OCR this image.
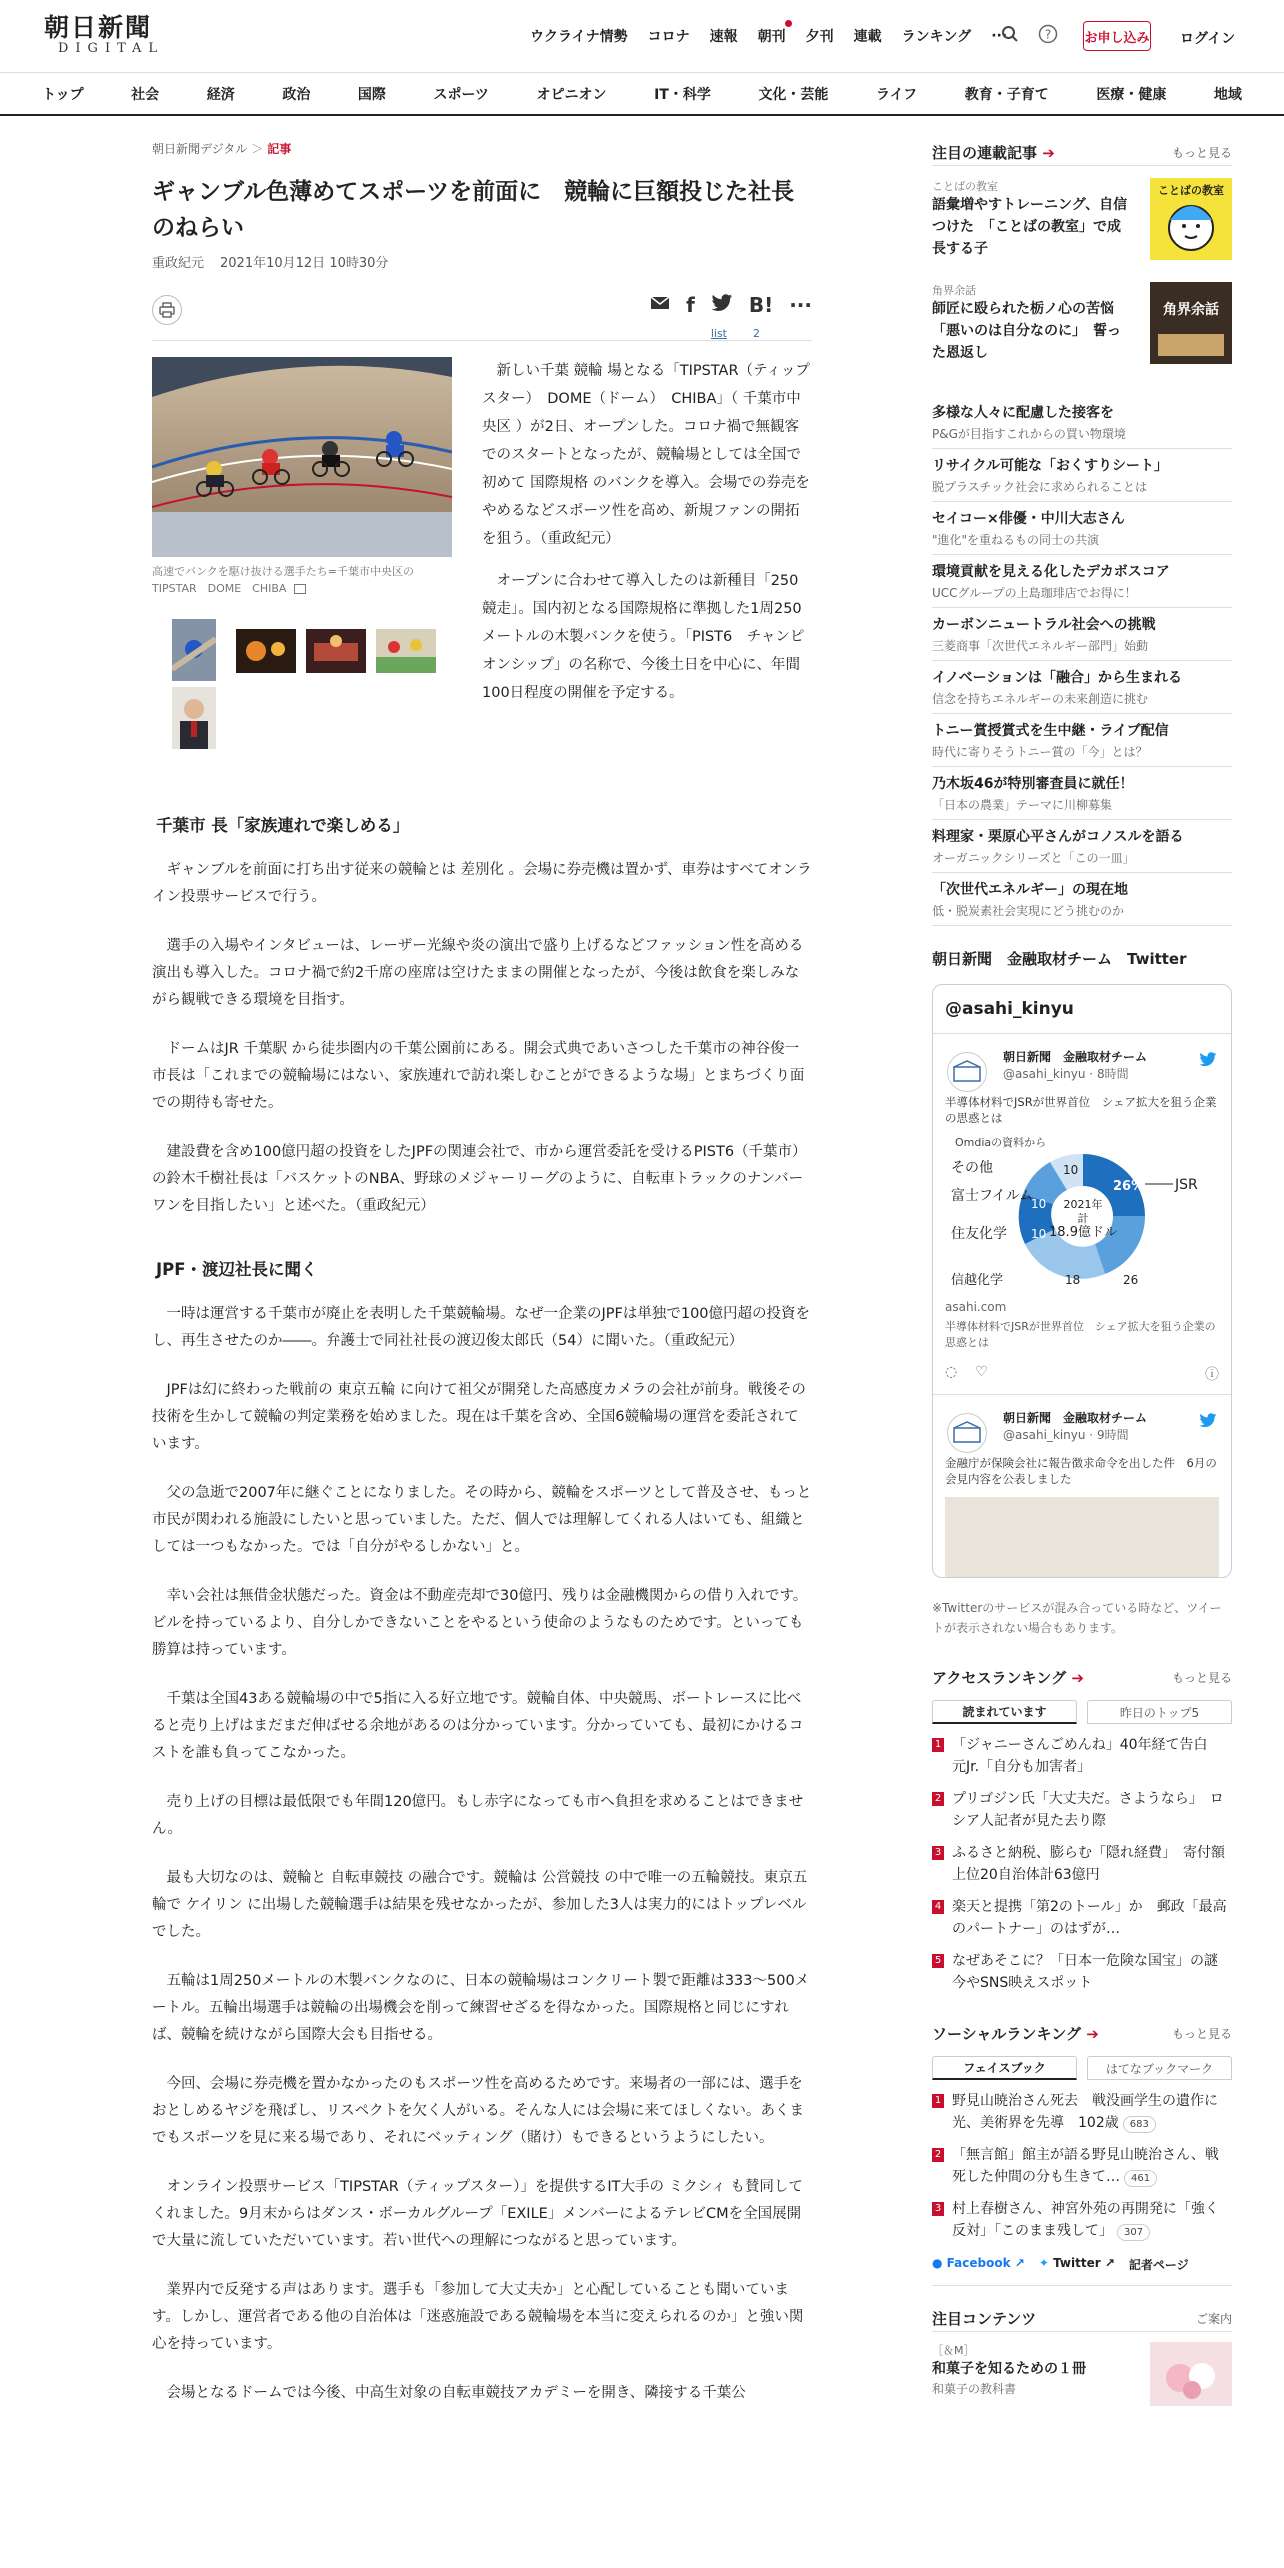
朝日新聞
DIGITAL
ウクライナ情勢 コロナ 速報 朝刊 夕刊 連載 ランキング ···	?	お申し込み ログイン
トップ	社会	経済	政治	国際	スポーツ	オピニオン	IT・科学	文化・芸能	ライフ	教育・子育て	医療・健康	地域
朝日新聞デジタル ＞ 記事
ギャンブル色薄めてスポーツを前面に　競輪に巨額投じた社長のねらい
重政紀元 2021年10月12日 10時30分
f	B! ···
list 2
高速でバンクを駆け抜ける選手たち=千葉市中央区のTIPSTAR　DOME　CHIBA

新しい千葉 競輪 場となる「TIPSTAR（ティップスター）　DOME（ドーム）　CHIBA」（ 千葉市中央区 ）が2日、オープンした。コロナ禍で無観客でのスタートとなったが、競輪場としては全国で初めて 国際規格 のバンクを導入。会場での券売をやめるなどスポーツ性を高め、新規ファンの開拓を狙う。（重政紀元）

オープンに合わせて導入したのは新種目「250競走」。国内初となる国際規格に準拠した1周250メートルの木製バンクを使う。「PIST6　チャンピオンシップ」の名称で、今後土日を中心に、年間100日程度の開催を予定する。

千葉市 長「家族連れで楽しめる」

ギャンブルを前面に打ち出す従来の競輪とは 差別化 。会場に券売機は置かず、車券はすべてオンライン投票サービスで行う。

選手の入場やインタビューは、レーザー光線や炎の演出で盛り上げるなどファッション性を高める演出も導入した。コロナ禍で約2千席の座席は空けたままの開催となったが、今後は飲食を楽しみながら観戦できる環境を目指す。

ドームはJR 千葉駅 から徒歩圏内の千葉公園前にある。開会式典であいさつした千葉市の神谷俊一市長は「これまでの競輪場にはない、家族連れで訪れ楽しむことができるような場」とまちづくり面での期待も寄せた。

建設費を含め100億円超の投資をしたJPFの関連会社で、市から運営委託を受けるPIST6（千葉市）の鈴木千樹社長は「バスケットのNBA、野球のメジャーリーグのように、自転車トラックのナンバーワンを目指したい」と述べた。（重政紀元）

JPF・渡辺社長に聞く

一時は運営する千葉市が廃止を表明した千葉競輪場。なぜ一企業のJPFは単独で100億円超の投資をし、再生させたのか――。弁護士で同社社長の渡辺俊太郎氏（54）に聞いた。（重政紀元）

JPFは幻に終わった戦前の 東京五輪 に向けて祖父が開発した高感度カメラの会社が前身。戦後その技術を生かして競輪の判定業務を始めました。現在は千葉を含め、全国6競輪場の運営を委託されています。

父の急逝で2007年に継ぐことになりました。その時から、競輪をスポーツとして普及させ、もっと市民が関われる施設にしたいと思っていました。ただ、個人では理解してくれる人はいても、組織としては一つもなかった。では「自分がやるしかない」と。

幸い会社は無借金状態だった。資金は不動産売却で30億円、残りは金融機関からの借り入れです。ビルを持っているより、自分しかできないことをやるという使命のようなものためです。といっても勝算は持っています。

千葉は全国43ある競輪場の中で5指に入る好立地です。競輪自体、中央競馬、ボートレースに比べると売り上げはまだまだ伸ばせる余地があるのは分かっています。分かっていても、最初にかけるコストを誰も負ってこなかった。

売り上げの目標は最低限でも年間120億円。もし赤字になっても市へ負担を求めることはできません。

最も大切なのは、競輪と 自転車競技 の融合です。競輪は 公営競技 の中で唯一の五輪競技。東京五輪で ケイリン に出場した競輪選手は結果を残せなかったが、参加した3人は実力的にはトップレベルでした。

五輪は1周250メートルの木製バンクなのに、日本の競輪場はコンクリート製で距離は333～500メートル。五輪出場選手は競輪の出場機会を削って練習せざるを得なかった。国際規格と同じにすれば、競輪を続けながら国際大会も目指せる。

今回、会場に券売機を置かなかったのもスポーツ性を高めるためです。来場者の一部には、選手をおとしめるヤジを飛ばし、リスペクトを欠く人がいる。そんな人には会場に来てほしくない。あくまでもスポーツを見に来る場であり、それにベッティング（賭け）もできるというようにしたい。

オンライン投票サービス「TIPSTAR（ティップスター）」を提供するIT大手の ミクシィ も賛同してくれました。9月末からはダンス・ボーカルグループ「EXILE」メンバーによるテレビCMを全国展開で大量に流していただいています。若い世代への理解につながると思っています。

業界内で反発する声はあります。選手も「参加して大丈夫か」と心配していることも聞いています。しかし、運営者である他の自治体は「迷惑施設である競輪場を本当に変えられるのか」と強い関心を持っています。

会場となるドームでは今後、中高生対象の自転車競技アカデミーを開き、隣接する千葉公

注目の連載記事 ➔	もっと見る
ことばの教室
語彙増やすトレーニング、自信つけた　「ことばの教室」で成長する子
ことばの教室
角界余話
師匠に殴られた栃ノ心の苦悩「悪いのは自分なのに」　誓った恩返し
角界余話
多様な人々に配慮した接客を
P&Gが目指すこれからの買い物環境
リサイクル可能な「おくすりシート」
脱プラスチック社会に求められることは
セイコー×俳優・中川大志さん
"進化"を重ねるもの同士の共演
環境貢献を見える化したデカボスコア
UCCグループの上島珈琲店でお得に！
カーボンニュートラル社会への挑戦
三菱商事「次世代エネルギー部門」始動
イノベーションは「融合」から生まれる
信念を持ちエネルギーの未来創造に挑む
トニー賞授賞式を生中継・ライブ配信
時代に寄りそうトニー賞の「今」とは？
乃木坂46が特別審査員に就任！
「日本の農業」テーマに川柳募集
料理家・栗原心平さんがコノスルを語る
オーガニックシリーズと「この一皿」
「次世代エネルギー」の現在地
低・脱炭素社会実現にどう挑むのか
朝日新聞　金融取材チーム　Twitter
@asahi_kinyu
朝日新聞　金融取材チーム
@asahi_kinyu · 8時間
半導体材料でJSRが世界首位　シェア拡大を狙う企業の思惑とは
Omdiaの資料から
26% JSR
その他
富士フイルム
住友化学
10
10
10
2021年
計
18.9億ドル
信越化学	18	26
asahi.com
半導体材料でJSRが世界首位　シェア拡大を狙う企業の思惑とは
◌ ♡	ⓘ
朝日新聞　金融取材チーム
@asahi_kinyu · 9時間
金融庁が保険会社に報告徴求命令を出した件　6月の会見内容を公表しました
※Twitterのサービスが混み合っている時など、ツイートが表示されない場合もあります。
アクセスランキング ➔	もっと見る
読まれています	昨日のトップ5
1 「ジャニーさんごめんね」40年経て告白　元Jr.「自分も加害者」
2 プリゴジン氏「大丈夫だ。さようなら」　ロシア人記者が見た去り際
3 ふるさと納税、膨らむ「隠れ経費」　寄付額上位20自治体計63億円
4 楽天と提携「第2のトール」か　郵政「最高のパートナー」のはずが…
5 なぜあそこに？「日本一危険な国宝」の謎　今やSNS映えスポット
ソーシャルランキング ➔	もっと見る
フェイスブック	はてなブックマーク
1 野見山暁治さん死去　戦没画学生の遺作に光、美術界を先導　102歳 683
2 「無言館」館主が語る野見山暁治さん、戦死した仲間の分も生きて… 461
3 村上春樹さん、神宮外苑の再開発に「強く反対」「このまま残して」 307
● Facebook ↗ ✦ Twitter ↗ 記者ページ
注目コンテンツ	ご案内
［＆M］
和菓子を知るための１冊
和菓子の教科書
